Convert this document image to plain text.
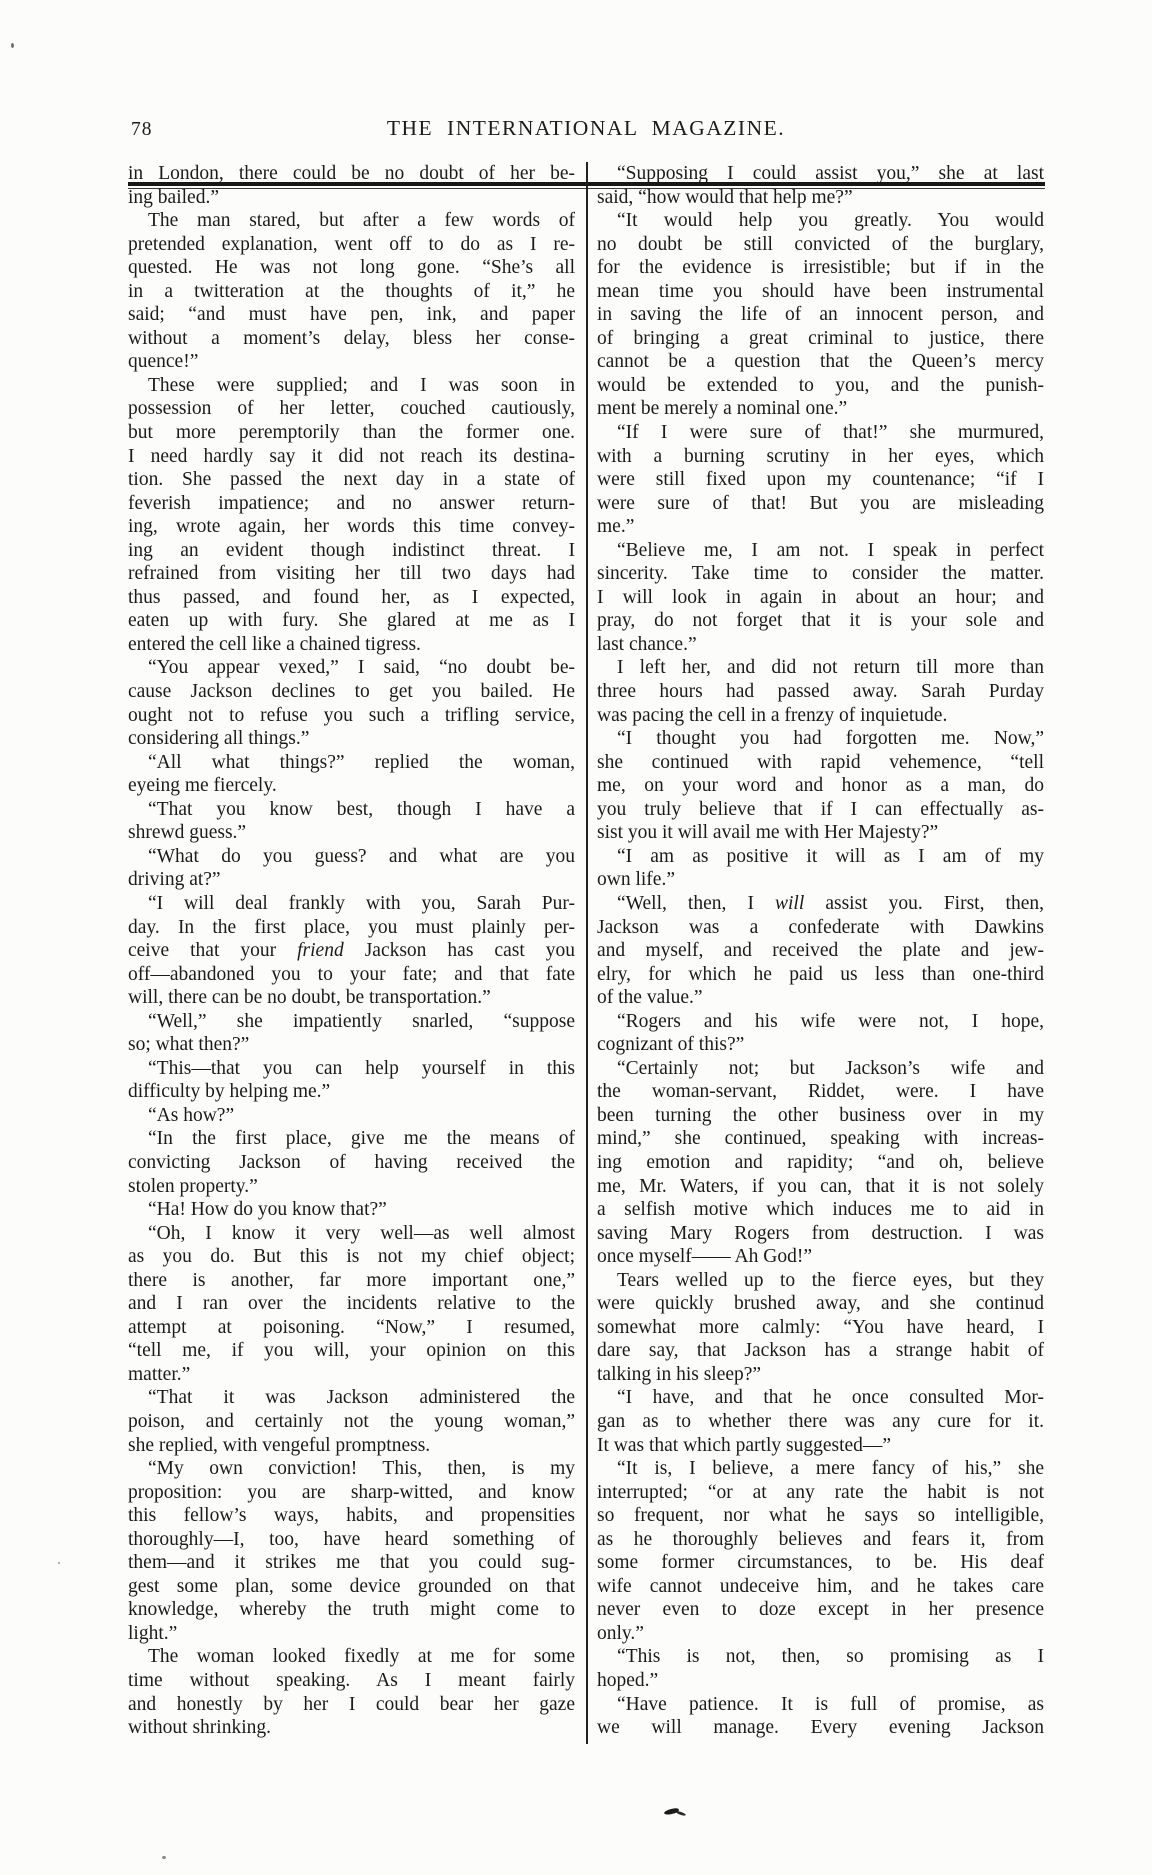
78	THE INTERNATIONAL MAGAZINE.
in London, there could be no doubt of her be-
ing bailed.”
The man stared, but after a few words of
pretended explanation, went off to do as I re-
quested. He was not long gone. “She’s all
in a twitteration at the thoughts of it,” he
said; “and must have pen, ink, and paper
without a moment’s delay, bless her conse-
quence!”
These were supplied; and I was soon in
possession of her letter, couched cautiously,
but more peremptorily than the former one.
I need hardly say it did not reach its destina-
tion. She passed the next day in a state of
feverish impatience; and no answer return-
ing, wrote again, her words this time convey-
ing an evident though indistinct threat. I
refrained from visiting her till two days had
thus passed, and found her, as I expected,
eaten up with fury. She glared at me as I
entered the cell like a chained tigress.
“You appear vexed,” I said, “no doubt be-
cause Jackson declines to get you bailed. He
ought not to refuse you such a trifling service,
considering all things.”
“All what things?” replied the woman,
eyeing me fiercely.
“That you know best, though I have a
shrewd guess.”
“What do you guess? and what are you
driving at?”
“I will deal frankly with you, Sarah Pur-
day. In the first place, you must plainly per-
ceive that your friend Jackson has cast you
off—abandoned you to your fate; and that fate
will, there can be no doubt, be transportation.”
“Well,” she impatiently snarled, “suppose
so; what then?”
“This—that you can help yourself in this
difficulty by helping me.”
“As how?”
“In the first place, give me the means of
convicting Jackson of having received the
stolen property.”
“Ha! How do you know that?”
“Oh, I know it very well—as well almost
as you do. But this is not my chief object;
there is another, far more important one,”
and I ran over the incidents relative to the
attempt at poisoning. “Now,” I resumed,
“tell me, if you will, your opinion on this
matter.”
“That it was Jackson administered the
poison, and certainly not the young woman,”
she replied, with vengeful promptness.
“My own conviction! This, then, is my
proposition: you are sharp-witted, and know
this fellow’s ways, habits, and propensities
thoroughly—I, too, have heard something of
them—and it strikes me that you could sug-
gest some plan, some device grounded on that
knowledge, whereby the truth might come to
light.”
The woman looked fixedly at me for some
time without speaking. As I meant fairly
and honestly by her I could bear her gaze
without shrinking.
“Supposing I could assist you,” she at last
said, “how would that help me?”
“It would help you greatly. You would
no doubt be still convicted of the burglary,
for the evidence is irresistible; but if in the
mean time you should have been instrumental
in saving the life of an innocent person, and
of bringing a great criminal to justice, there
cannot be a question that the Queen’s mercy
would be extended to you, and the punish-
ment be merely a nominal one.”
“If I were sure of that!” she murmured,
with a burning scrutiny in her eyes, which
were still fixed upon my countenance; “if I
were sure of that! But you are misleading
me.”
“Believe me, I am not. I speak in perfect
sincerity. Take time to consider the matter.
I will look in again in about an hour; and
pray, do not forget that it is your sole and
last chance.”
I left her, and did not return till more than
three hours had passed away. Sarah Purday
was pacing the cell in a frenzy of inquietude.
“I thought you had forgotten me. Now,”
she continued with rapid vehemence, “tell
me, on your word and honor as a man, do
you truly believe that if I can effectually as-
sist you it will avail me with Her Majesty?”
“I am as positive it will as I am of my
own life.”
“Well, then, I will assist you. First, then,
Jackson was a confederate with Dawkins
and myself, and received the plate and jew-
elry, for which he paid us less than one-third
of the value.”
“Rogers and his wife were not, I hope,
cognizant of this?”
“Certainly not; but Jackson’s wife and
the woman-servant, Riddet, were. I have
been turning the other business over in my
mind,” she continued, speaking with increas-
ing emotion and rapidity; “and oh, believe
me, Mr. Waters, if you can, that it is not solely
a selfish motive which induces me to aid in
saving Mary Rogers from destruction. I was
once myself—— Ah God!”
Tears welled up to the fierce eyes, but they
were quickly brushed away, and she continud
somewhat more calmly: “You have heard, I
dare say, that Jackson has a strange habit of
talking in his sleep?”
“I have, and that he once consulted Mor-
gan as to whether there was any cure for it.
It was that which partly suggested—”
“It is, I believe, a mere fancy of his,” she
interrupted; “or at any rate the habit is not
so frequent, nor what he says so intelligible,
as he thoroughly believes and fears it, from
some former circumstances, to be. His deaf
wife cannot undeceive him, and he takes care
never even to doze except in her presence
only.”
“This is not, then, so promising as I
hoped.”
“Have patience. It is full of promise, as
we will manage. Every evening Jackson
